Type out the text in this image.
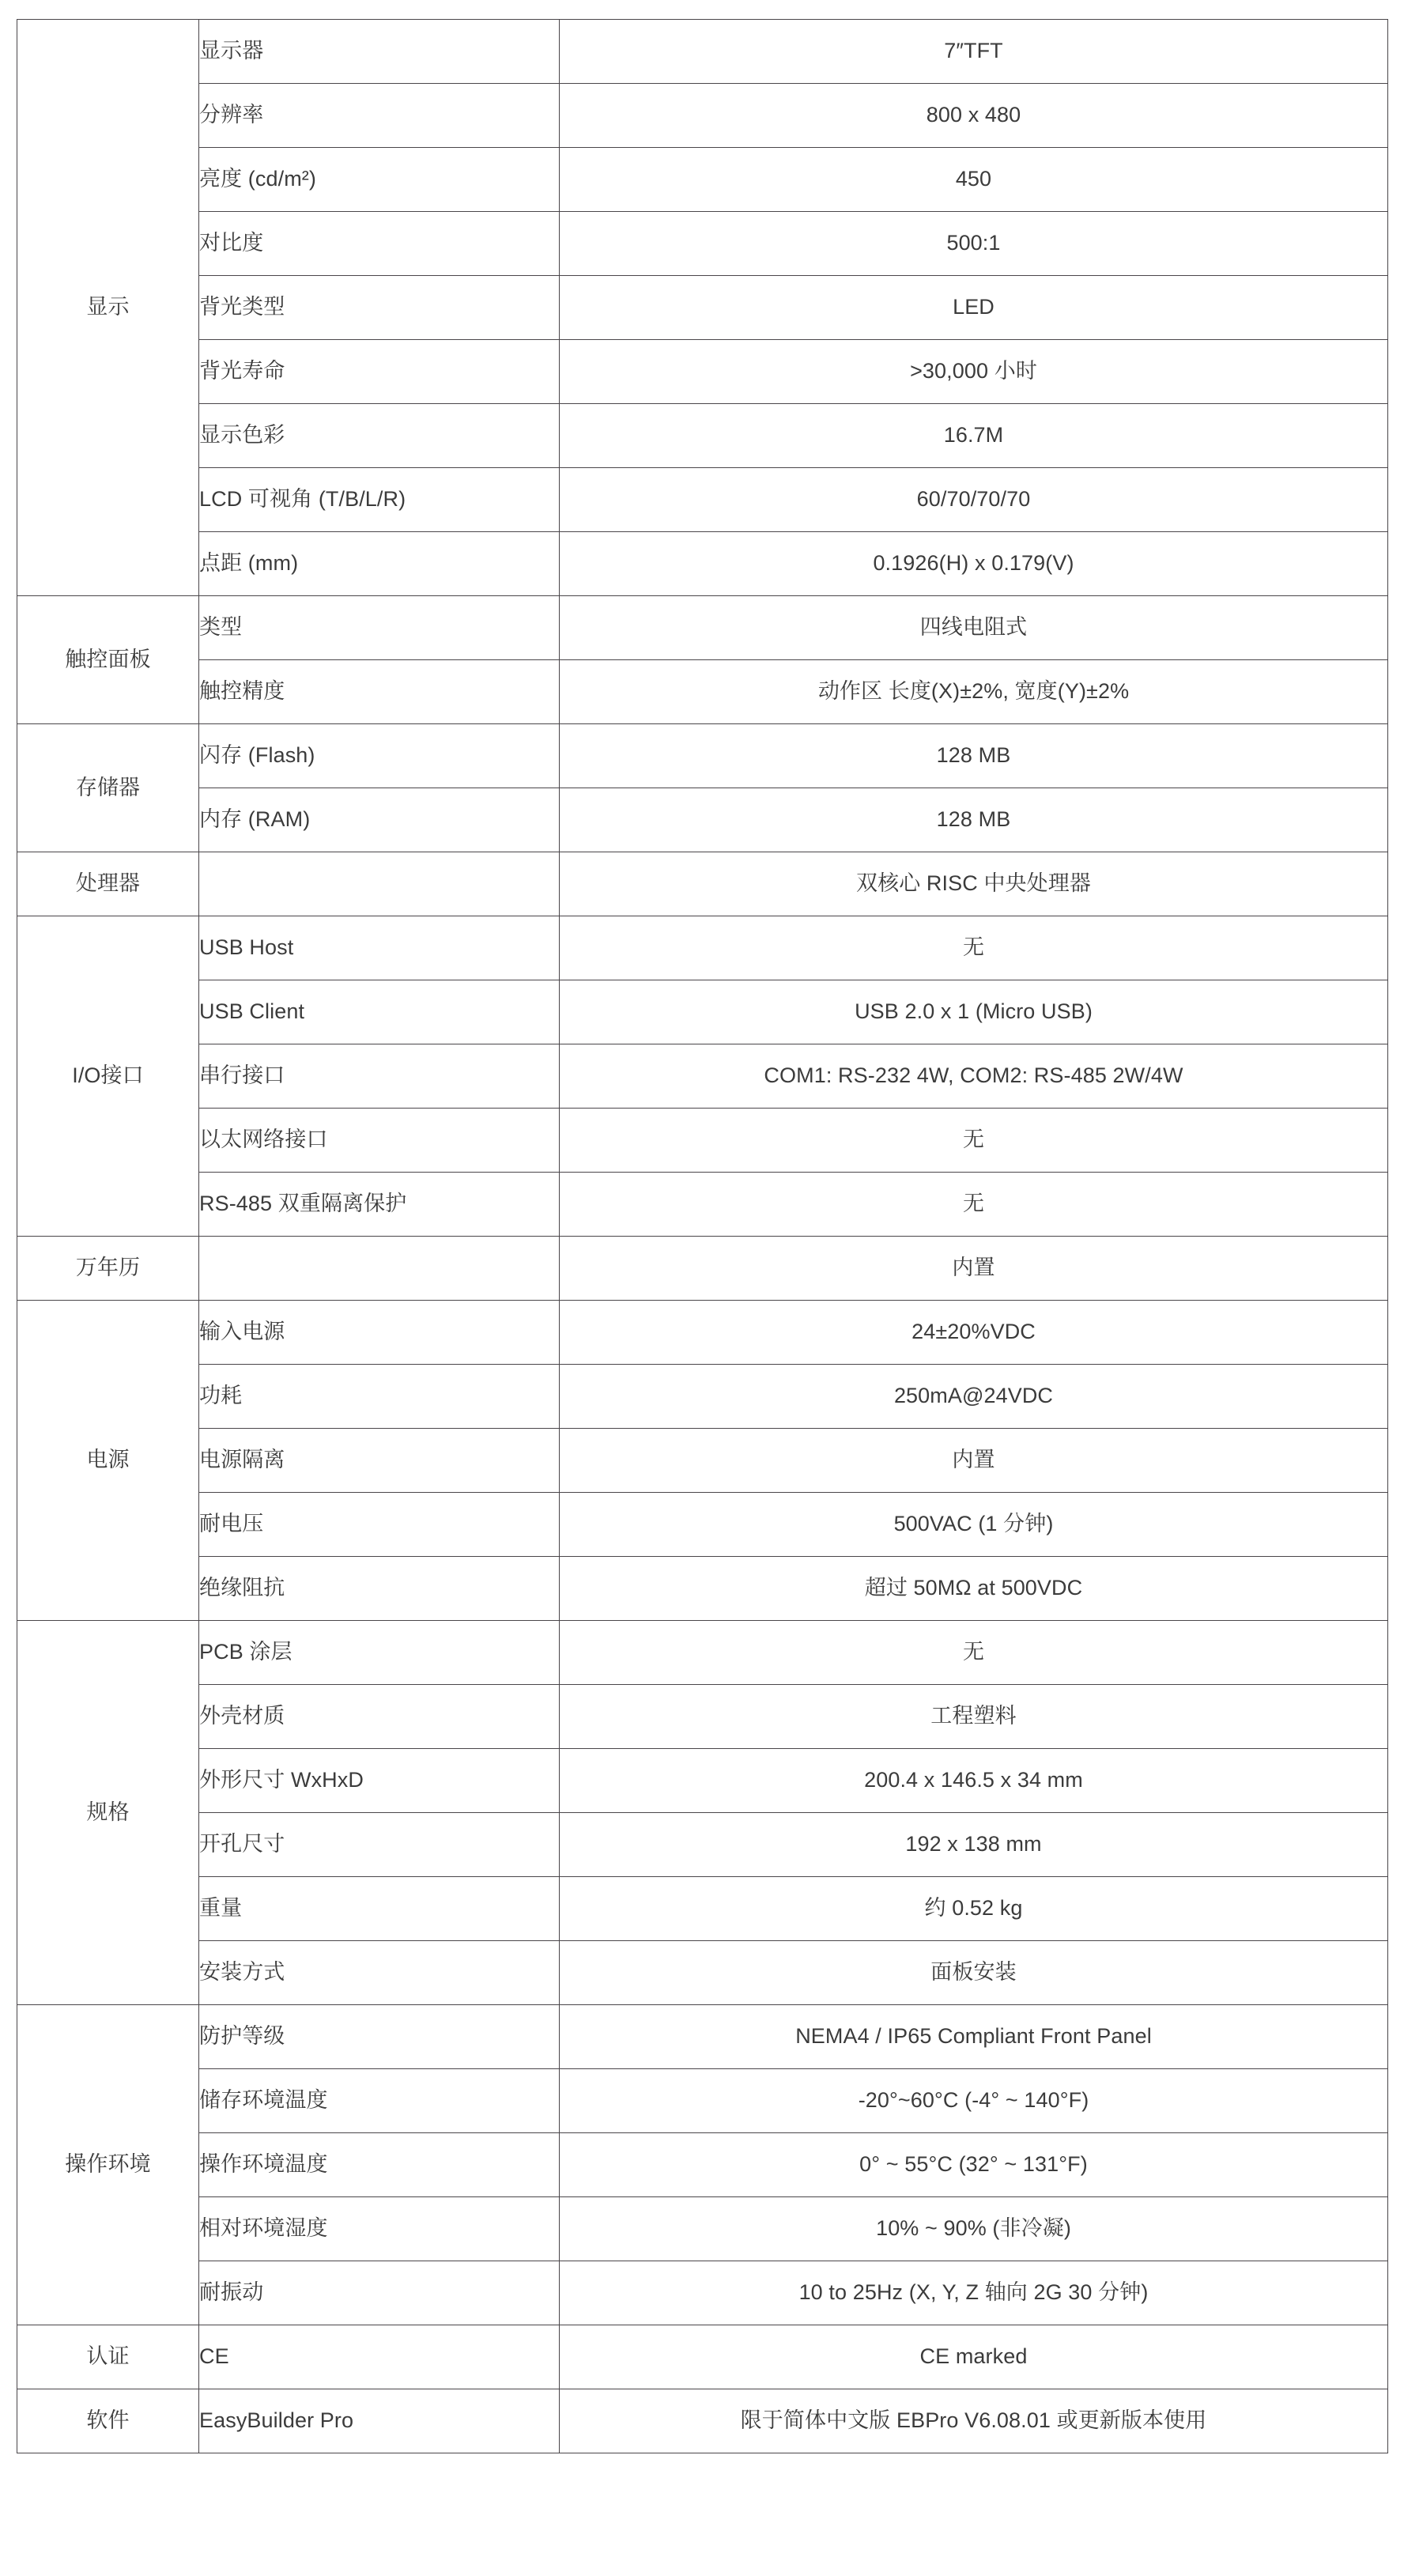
显示	显示器	7″TFT
	分辨率	800 x 480
	亮度 (cd/m²)	450
	对比度	500:1
	背光类型	LED
	背光寿命	>30,000 小时
	显示色彩	16.7M
	LCD 可视角 (T/B/L/R)	60/70/70/70
	点距 (mm)	0.1926(H) x 0.179(V)
触控面板	类型	四线电阻式
	触控精度	动作区 长度(X)±2%, 宽度(Y)±2%
存储器	闪存 (Flash)	128 MB
	内存 (RAM)	128 MB
处理器		双核心 RISC 中央处理器
I/O接口	USB Host	无
	USB Client	USB 2.0 x 1 (Micro USB)
	串行接口	COM1: RS-232 4W, COM2: RS-485 2W/4W
	以太网络接口	无
	RS-485 双重隔离保护	无
万年历		内置
电源	输入电源	24±20%VDC
	功耗	250mA@24VDC
	电源隔离	内置
	耐电压	500VAC (1 分钟)
	绝缘阻抗	超过 50MΩ at 500VDC
规格	PCB 涂层	无
	外壳材质	工程塑料
	外形尺寸 WxHxD	200.4 x 146.5 x 34 mm
	开孔尺寸	192 x 138 mm
	重量	约 0.52 kg
	安装方式	面板安装
操作环境	防护等级	NEMA4 / IP65 Compliant Front Panel
	储存环境温度	-20°~60°C (-4° ~ 140°F)
	操作环境温度	0° ~ 55°C (32° ~ 131°F)
	相对环境湿度	10% ~ 90% (非冷凝)
	耐振动	10 to 25Hz (X, Y, Z 轴向 2G 30 分钟)
认证	CE	CE marked
软件	EasyBuilder Pro	限于简体中文版 EBPro V6.08.01 或更新版本使用
